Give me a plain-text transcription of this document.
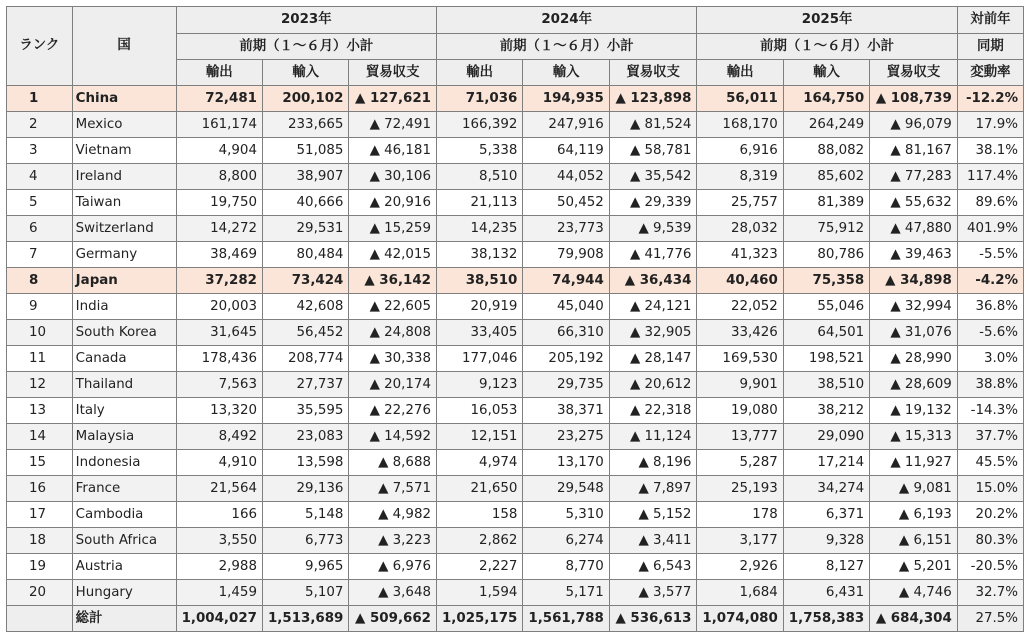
ランク	国	2023年			2024年			2025年			対前年
		前期（１～６月）小計			前期（１～６月）小計			前期（１～６月）小計			同期
		輸出	輸入	貿易収支	輸出	輸入	貿易収支	輸出	輸入	貿易収支	変動率
1	China	72,481	200,102	▲ 127,621	71,036	194,935	▲ 123,898	56,011	164,750	▲ 108,739	-12.2%
2	Mexico	161,174	233,665	▲ 72,491	166,392	247,916	▲ 81,524	168,170	264,249	▲ 96,079	17.9%
3	Vietnam	4,904	51,085	▲ 46,181	5,338	64,119	▲ 58,781	6,916	88,082	▲ 81,167	38.1%
4	Ireland	8,800	38,907	▲ 30,106	8,510	44,052	▲ 35,542	8,319	85,602	▲ 77,283	117.4%
5	Taiwan	19,750	40,666	▲ 20,916	21,113	50,452	▲ 29,339	25,757	81,389	▲ 55,632	89.6%
6	Switzerland	14,272	29,531	▲ 15,259	14,235	23,773	▲ 9,539	28,032	75,912	▲ 47,880	401.9%
7	Germany	38,469	80,484	▲ 42,015	38,132	79,908	▲ 41,776	41,323	80,786	▲ 39,463	-5.5%
8	Japan	37,282	73,424	▲ 36,142	38,510	74,944	▲ 36,434	40,460	75,358	▲ 34,898	-4.2%
9	India	20,003	42,608	▲ 22,605	20,919	45,040	▲ 24,121	22,052	55,046	▲ 32,994	36.8%
10	South Korea	31,645	56,452	▲ 24,808	33,405	66,310	▲ 32,905	33,426	64,501	▲ 31,076	-5.6%
11	Canada	178,436	208,774	▲ 30,338	177,046	205,192	▲ 28,147	169,530	198,521	▲ 28,990	3.0%
12	Thailand	7,563	27,737	▲ 20,174	9,123	29,735	▲ 20,612	9,901	38,510	▲ 28,609	38.8%
13	Italy	13,320	35,595	▲ 22,276	16,053	38,371	▲ 22,318	19,080	38,212	▲ 19,132	-14.3%
14	Malaysia	8,492	23,083	▲ 14,592	12,151	23,275	▲ 11,124	13,777	29,090	▲ 15,313	37.7%
15	Indonesia	4,910	13,598	▲ 8,688	4,974	13,170	▲ 8,196	5,287	17,214	▲ 11,927	45.5%
16	France	21,564	29,136	▲ 7,571	21,650	29,548	▲ 7,897	25,193	34,274	▲ 9,081	15.0%
17	Cambodia	166	5,148	▲ 4,982	158	5,310	▲ 5,152	178	6,371	▲ 6,193	20.2%
18	South Africa	3,550	6,773	▲ 3,223	2,862	6,274	▲ 3,411	3,177	9,328	▲ 6,151	80.3%
19	Austria	2,988	9,965	▲ 6,976	2,227	8,770	▲ 6,543	2,926	8,127	▲ 5,201	-20.5%
20	Hungary	1,459	5,107	▲ 3,648	1,594	5,171	▲ 3,577	1,684	6,431	▲ 4,746	32.7%
	総計	1,004,027	1,513,689	▲ 509,662	1,025,175	1,561,788	▲ 536,613	1,074,080	1,758,383	▲ 684,304	27.5%
